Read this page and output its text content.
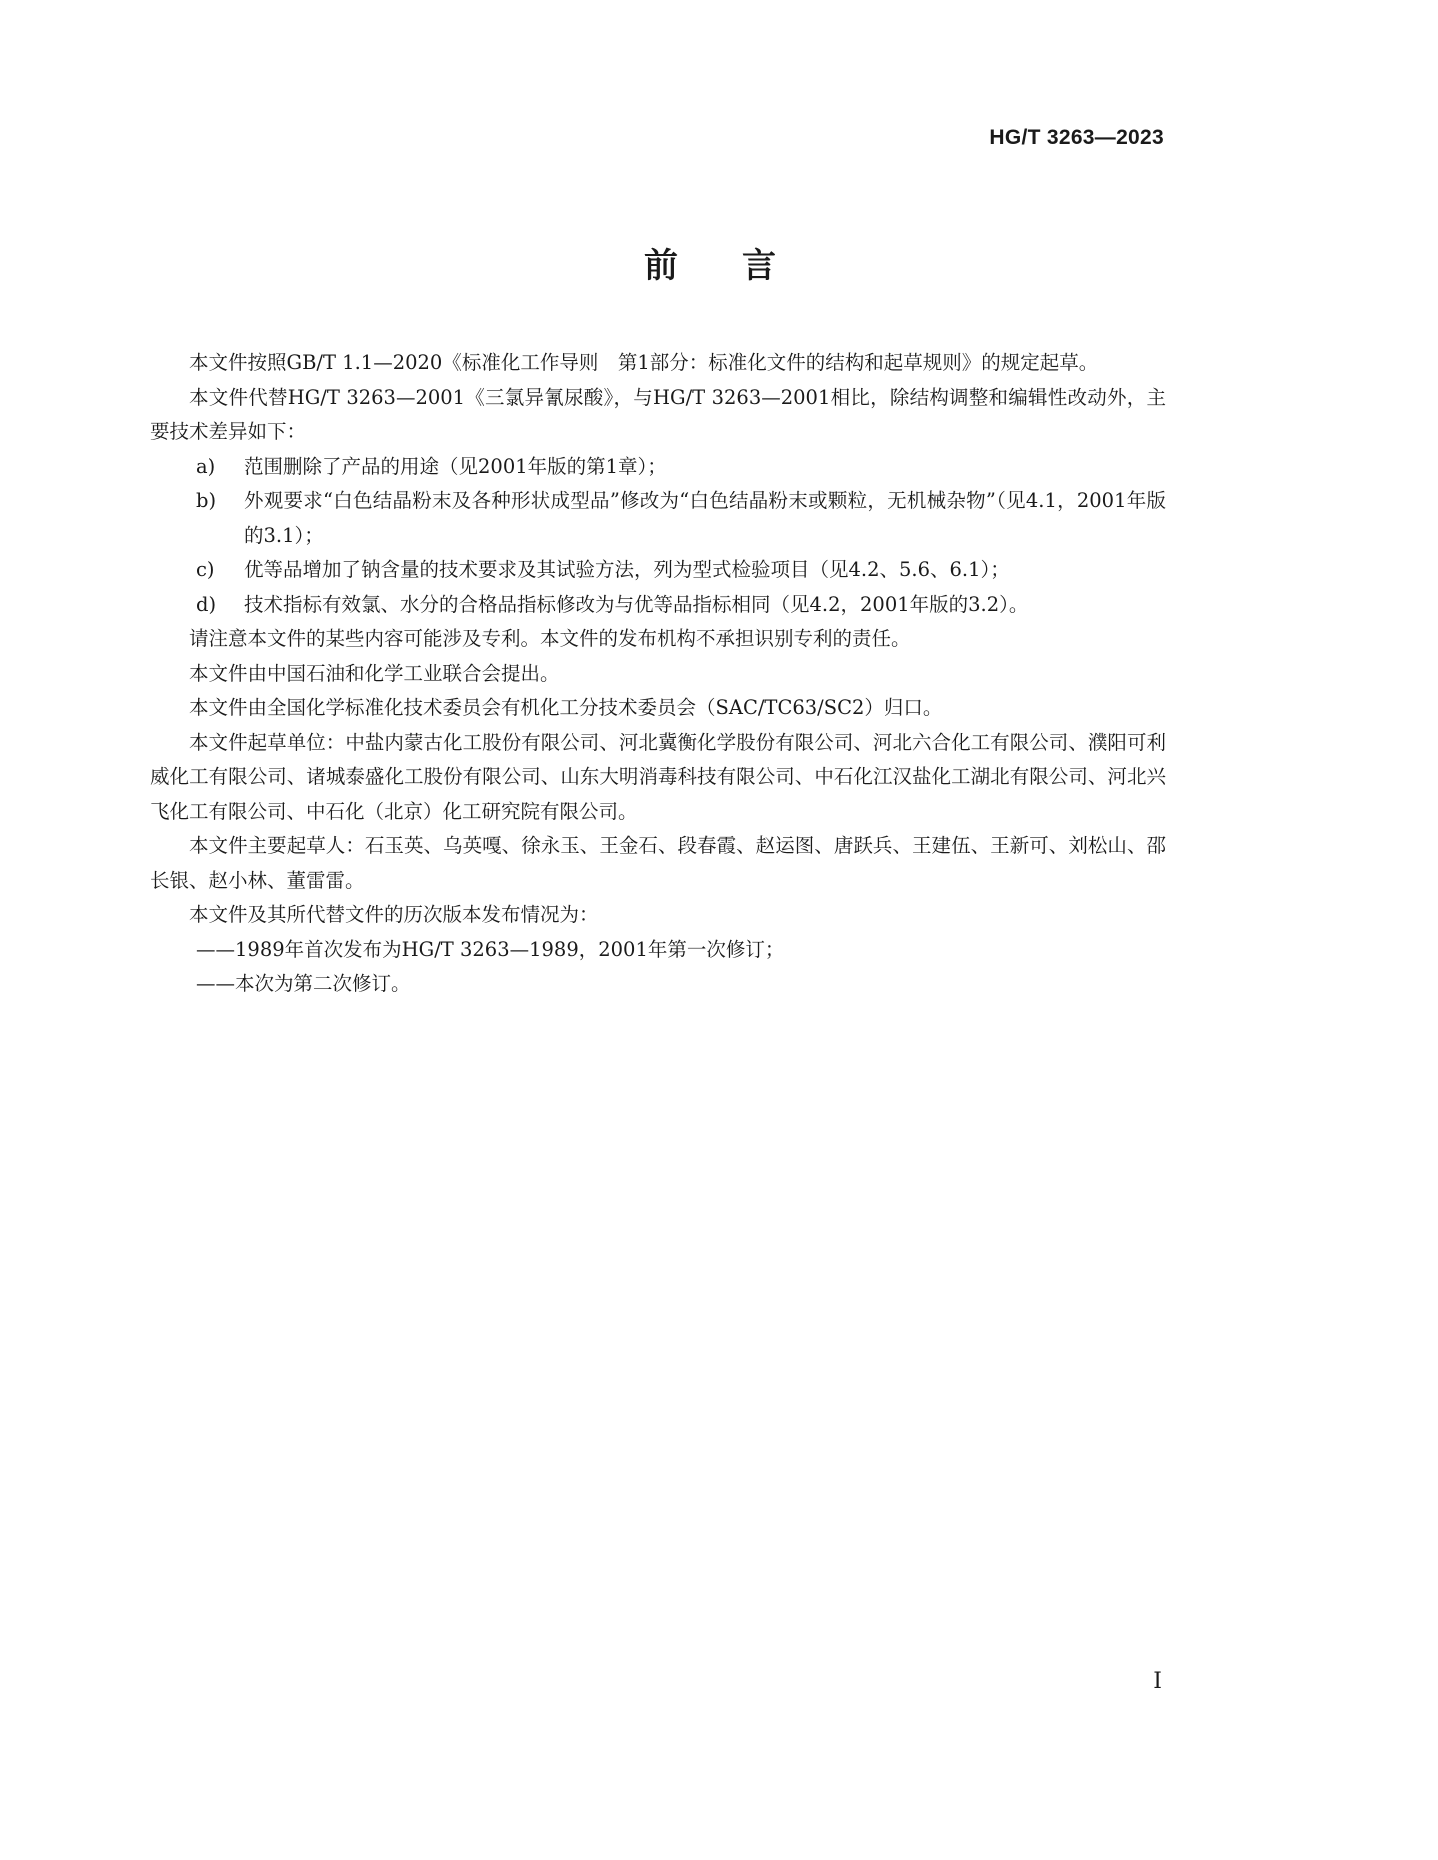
HG/T 3263—2023
前言

本文件按照GB/T 1.1—2020《标准化工作导则　第1部分：标准化文件的结构和起草规则》的规定起草。

本文件代替HG/T 3263—2001《三氯异氰尿酸》，与HG/T 3263—2001相比，除结构调整和编辑性改动外，主要技术差异如下：

a)	范围删除了产品的用途（见2001年版的第1章）；
b)	外观要求“白色结晶粉末及各种形状成型品”修改为“白色结晶粉末或颗粒，无机械杂物”（见4.1，2001年版的3.1）；
c)	优等品增加了钠含量的技术要求及其试验方法，列为型式检验项目（见4.2、5.6、6.1）；
d)	技术指标有效氯、水分的合格品指标修改为与优等品指标相同（见4.2，2001年版的3.2）。

请注意本文件的某些内容可能涉及专利。本文件的发布机构不承担识别专利的责任。

本文件由中国石油和化学工业联合会提出。

本文件由全国化学标准化技术委员会有机化工分技术委员会（SAC/TC63/SC2）归口。

本文件起草单位：中盐内蒙古化工股份有限公司、河北冀衡化学股份有限公司、河北六合化工有限公司、濮阳可利威化工有限公司、诸城泰盛化工股份有限公司、山东大明消毒科技有限公司、中石化江汉盐化工湖北有限公司、河北兴飞化工有限公司、中石化（北京）化工研究院有限公司。

本文件主要起草人：石玉英、乌英嘎、徐永玉、王金石、段春霞、赵运图、唐跃兵、王建伍、王新可、刘松山、邵长银、赵小林、董雷雷。

本文件及其所代替文件的历次版本发布情况为：

——1989年首次发布为HG/T 3263—1989，2001年第一次修订；

——本次为第二次修订。

I
